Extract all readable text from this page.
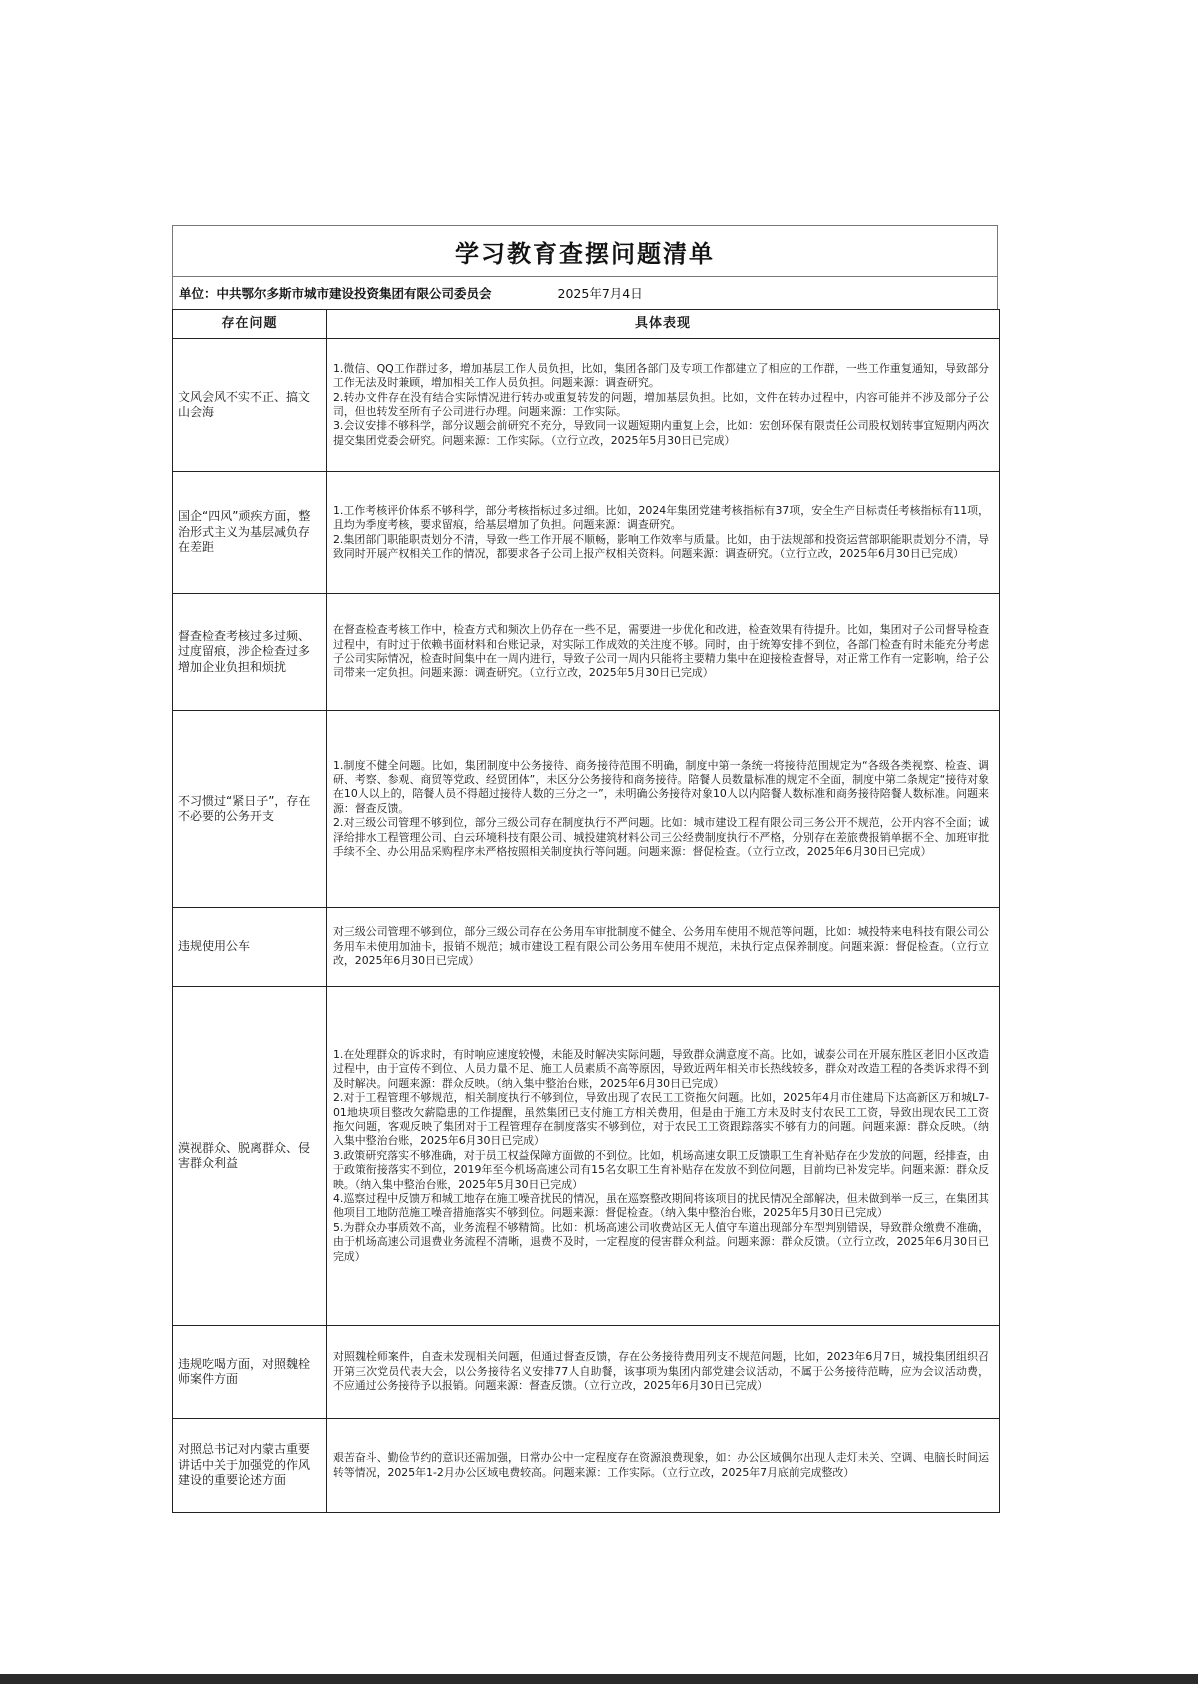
学习教育查摆问题清单
单位：中共鄂尔多斯市城市建设投资集团有限公司委员会	2025年7月4日
存在问题	具体表现
文风会风不实不正、搞文山会海	1.微信、QQ工作群过多，增加基层工作人员负担，比如，集团各部门及专项工作都建立了相应的工作群，一些工作重复通知，导致部分工作无法及时兼顾，增加相关工作人员负担。问题来源：调查研究。
2.转办文件存在没有结合实际情况进行转办或重复转发的问题，增加基层负担。比如，文件在转办过程中，内容可能并不涉及部分子公司，但也转发至所有子公司进行办理。问题来源：工作实际。
3.会议安排不够科学，部分议题会前研究不充分，导致同一议题短期内重复上会，比如：宏创环保有限责任公司股权划转事宜短期内两次提交集团党委会研究。问题来源：工作实际。（立行立改，2025年5月30日已完成）
国企“四风”顽疾方面，整治形式主义为基层减负存在差距	1.工作考核评价体系不够科学，部分考核指标过多过细。比如，2024年集团党建考核指标有37项，安全生产目标责任考核指标有11项，且均为季度考核，要求留痕，给基层增加了负担。问题来源：调查研究。
2.集团部门职能职责划分不清，导致一些工作开展不顺畅，影响工作效率与质量。比如，由于法规部和投资运营部职能职责划分不清，导致同时开展产权相关工作的情况，都要求各子公司上报产权相关资料。问题来源：调查研究。（立行立改，2025年6月30日已完成）
督查检查考核过多过频、过度留痕，涉企检查过多增加企业负担和烦扰	在督查检查考核工作中，检查方式和频次上仍存在一些不足，需要进一步优化和改进，检查效果有待提升。比如，集团对子公司督导检查过程中，有时过于依赖书面材料和台账记录，对实际工作成效的关注度不够。同时，由于统筹安排不到位，各部门检查有时未能充分考虑子公司实际情况，检查时间集中在一周内进行，导致子公司一周内只能将主要精力集中在迎接检查督导，对正常工作有一定影响，给子公司带来一定负担。问题来源：调查研究。（立行立改，2025年5月30日已完成）
不习惯过“紧日子”，存在不必要的公务开支	1.制度不健全问题。比如，集团制度中公务接待、商务接待范围不明确，制度中第一条统一将接待范围规定为“各级各类视察、检查、调研、考察、参观、商贸等党政、经贸团体”，未区分公务接待和商务接待。陪餐人员数量标准的规定不全面，制度中第二条规定“接待对象在10人以上的，陪餐人员不得超过接待人数的三分之一”，未明确公务接待对象10人以内陪餐人数标准和商务接待陪餐人数标准。问题来源：督查反馈。
2.对三级公司管理不够到位，部分三级公司存在制度执行不严问题。比如：城市建设工程有限公司三务公开不规范，公开内容不全面；诚泽给排水工程管理公司、白云环境科技有限公司、城投建筑材料公司三公经费制度执行不严格，分别存在差旅费报销单据不全、加班审批手续不全、办公用品采购程序未严格按照相关制度执行等问题。问题来源：督促检查。（立行立改，2025年6月30日已完成）
违规使用公车	对三级公司管理不够到位，部分三级公司存在公务用车审批制度不健全、公务用车使用不规范等问题，比如：城投特来电科技有限公司公务用车未使用加油卡，报销不规范；城市建设工程有限公司公务用车使用不规范，未执行定点保养制度。问题来源：督促检查。（立行立改，2025年6月30日已完成）
漠视群众、脱离群众、侵害群众利益	1.在处理群众的诉求时，有时响应速度较慢，未能及时解决实际问题，导致群众满意度不高。比如，诚泰公司在开展东胜区老旧小区改造过程中，由于宣传不到位、人员力量不足、施工人员素质不高等原因，导致近两年相关市长热线较多，群众对改造工程的各类诉求得不到及时解决。问题来源：群众反映。（纳入集中整治台账，2025年6月30日已完成）
2.对于工程管理不够规范，相关制度执行不够到位，导致出现了农民工工资拖欠问题。比如，2025年4月市住建局下达高新区万和城L7-01地块项目整改欠薪隐患的工作提醒，虽然集团已支付施工方相关费用，但是由于施工方未及时支付农民工工资，导致出现农民工工资拖欠问题，客观反映了集团对于工程管理存在制度落实不够到位，对于农民工工资跟踪落实不够有力的问题。问题来源：群众反映。（纳入集中整治台账，2025年6月30日已完成）
3.政策研究落实不够准确，对于员工权益保障方面做的不到位。比如，机场高速女职工反馈职工生育补贴存在少发放的问题，经排查，由于政策衔接落实不到位，2019年至今机场高速公司有15名女职工生育补贴存在发放不到位问题，目前均已补发完毕。问题来源：群众反映。（纳入集中整治台账，2025年5月30日已完成）
4.巡察过程中反馈万和城工地存在施工噪音扰民的情况，虽在巡察整改期间将该项目的扰民情况全部解决，但未做到举一反三，在集团其他项目工地防范施工噪音措施落实不够到位。问题来源：督促检查。（纳入集中整治台账，2025年5月30日已完成）
5.为群众办事质效不高，业务流程不够精简。比如：机场高速公司收费站区无人值守车道出现部分车型判别错误，导致群众缴费不准确，由于机场高速公司退费业务流程不清晰，退费不及时，一定程度的侵害群众利益。问题来源：群众反馈。（立行立改，2025年6月30日已完成）
违规吃喝方面，对照魏栓师案件方面	对照魏栓师案件，自查未发现相关问题，但通过督查反馈，存在公务接待费用列支不规范问题，比如，2023年6月7日，城投集团组织召开第三次党员代表大会，以公务接待名义安排77人自助餐，该事项为集团内部党建会议活动，不属于公务接待范畴，应为会议活动费，不应通过公务接待予以报销。问题来源：督查反馈。（立行立改，2025年6月30日已完成）
对照总书记对内蒙古重要讲话中关于加强党的作风建设的重要论述方面	艰苦奋斗、勤俭节约的意识还需加强，日常办公中一定程度存在资源浪费现象，如：办公区域偶尔出现人走灯未关、空调、电脑长时间运转等情况，2025年1-2月办公区域电费较高。问题来源：工作实际。（立行立改，2025年7月底前完成整改）
